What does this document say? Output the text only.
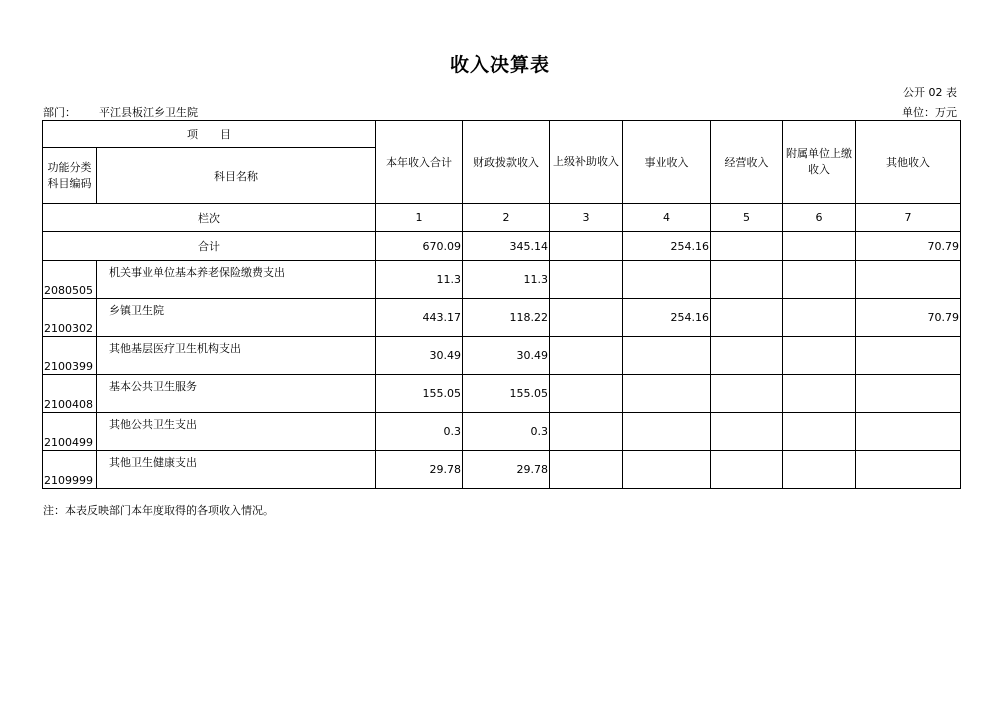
收入决算表
公开 02 表
部门： 平江县板江乡卫生院	单位：万元
项　　目		本年收入合计	财政拨款收入	上级补助收入	事业收入	经营收入	附属单位上缴收入	其他收入
功能分类科目编码	科目名称							
栏次		1	2	3	4	5	6	7
合计		670.09	345.14		254.16			70.79
2080505	机关事业单位基本养老保险缴费支出	11.3	11.3					
2100302	乡镇卫生院	443.17	118.22		254.16			70.79
2100399	其他基层医疗卫生机构支出	30.49	30.49					
2100408	基本公共卫生服务	155.05	155.05					
2100499	其他公共卫生支出	0.3	0.3					
2109999	其他卫生健康支出	29.78	29.78					
注：本表反映部门本年度取得的各项收入情况。
